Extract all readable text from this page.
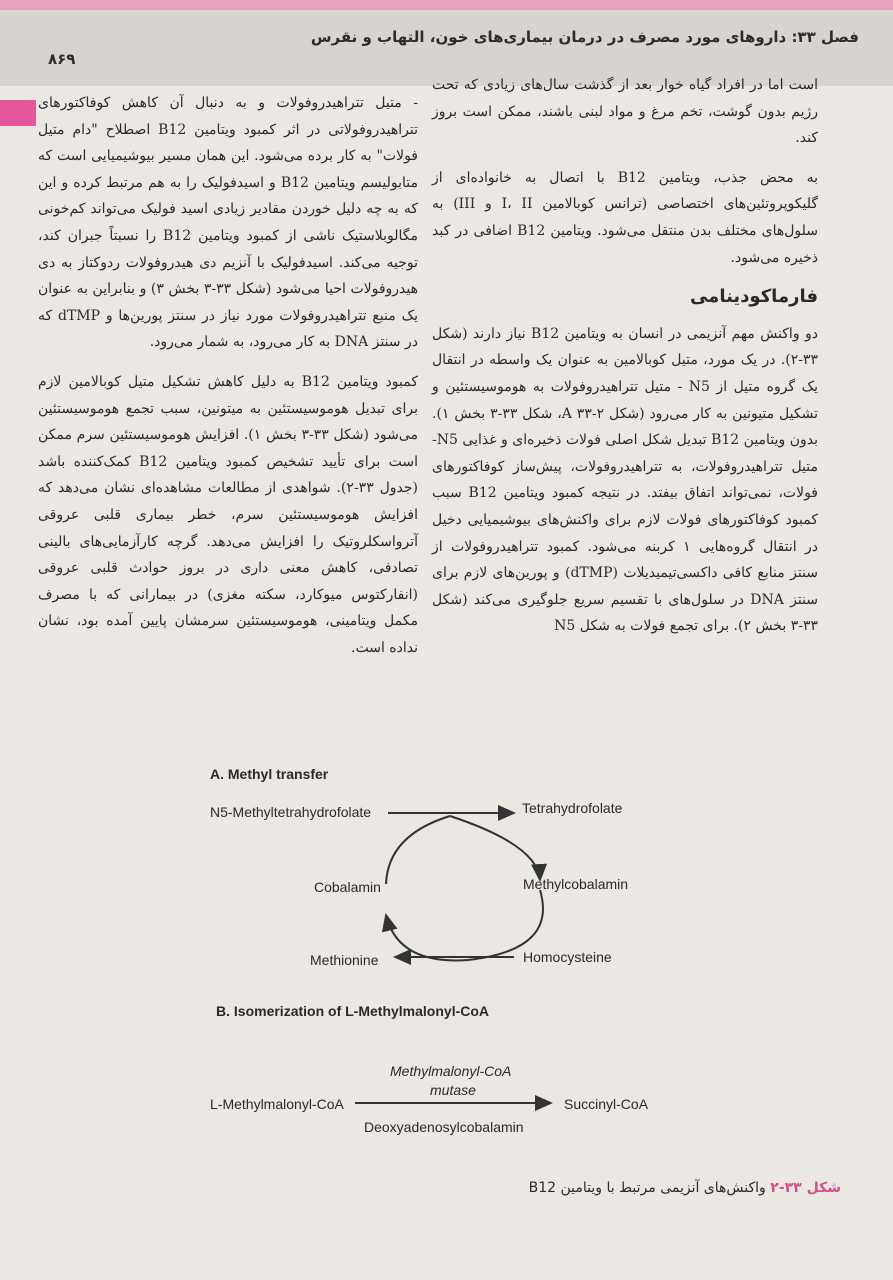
فصل ۳۳: داروهای مورد مصرف در درمان بیماری‌های خون، التهاب و نقرس
۸۶۹

است اما در افراد گیاه خوار بعد از گذشت سال‌های زیادی که تحت رژیم بدون گوشت، تخم مرغ و مواد لبنی باشند، ممکن است بروز کند.

به محض جذب، ویتامین B12 با اتصال به خانواده‌ای از گلیکوپروتئین‌های اختصاصی (ترانس کوبالامین I، II و III) به سلول‌های مختلف بدن منتقل می‌شود. ویتامین B12 اضافی در کبد ذخیره می‌شود.

فارماکودینامی

دو واکنش مهم آنزیمی در انسان به ویتامین B12 نیاز دارند (شکل ۳۳-۲). در یک مورد، متیل کوبالامین به عنوان یک واسطه در انتقال یک گروه متیل از N5 - متیل تتراهیدروفولات به هوموسیستئین و تشکیل متیونین به کار می‌رود (شکل A ۳۳-۲، شکل ۳۳-۳ بخش ۱). بدون ویتامین B12 تبدیل شکل اصلی فولات ذخیره‌ای و غذایی N5- متیل تتراهیدروفولات، به تتراهیدروفولات، پیش‌ساز کوفاکتورهای فولات، نمی‌تواند اتفاق بیفتد. در نتیجه کمبود ویتامین B12 سبب کمبود کوفاکتورهای فولات لازم برای واکنش‌های بیوشیمیایی دخیل در انتقال گروه‌هایی ۱ کربنه می‌شود. کمبود تتراهیدروفولات از سنتز منابع کافی داکسی‌تیمیدیلات (dTMP) و پورین‌های لازم برای سنتز DNA در سلول‌های با تقسیم سریع جلوگیری می‌کند (شکل ۳۳-۳ بخش ۲). برای تجمع فولات به شکل N5

- متیل تتراهیدروفولات و به دنبال آن کاهش کوفاکتورهای تتراهیدروفولاتی در اثر کمبود ویتامین B12 اصطلاح "دام متیل فولات" به کار برده می‌شود. این همان مسیر بیوشیمیایی است که متابولیسم ویتامین B12 و اسیدفولیک را به هم مرتبط کرده و این که به چه دلیل خوردن مقادیر زیادی اسید فولیک می‌تواند کم‌خونی مگالوبلاستیک ناشی از کمبود ویتامین B12 را نسبتاً جبران کند، توجیه می‌کند. اسیدفولیک با آنزیم دی هیدروفولات ردوکتاز به دی هیدروفولات احیا می‌شود (شکل ۳۳-۳ بخش ۳) و بنابراین به عنوان یک منبع تتراهیدروفولات مورد نیاز در سنتز پورین‌ها و dTMP که در سنتز DNA به کار می‌رود، به شمار می‌رود.

کمبود ویتامین B12 به دلیل کاهش تشکیل متیل کوبالامین لازم برای تبدیل هوموسیستئین به میتونین، سبب تجمع هوموسیستئین می‌شود (شکل ۳۳-۳ بخش ۱). افزایش هوموسیستئین سرم ممکن است برای تأیید تشخیص کمبود ویتامین B12 کمک‌کننده باشد (جدول ۳۳-۲). شواهدی از مطالعات مشاهده‌ای نشان می‌دهد که افزایش هوموسیستئین سرم، خطر بیماری قلبی عروقی آترواسکلروتیک را افزایش می‌دهد. گرچه کارآزمایی‌های بالینی تصادفی، کاهش معنی داری در بروز حوادث قلبی عروقی (انفارکتوس میوکارد، سکته مغزی) در بیمارانی که با مصرف مکمل ویتامینی، هوموسیستئین سرمشان پایین آمده بود، نشان نداده است.

A. Methyl transfer
N5-Methyltetrahydrofolate	Tetrahydrofolate
Methylcobalamin
Cobalamin
Homocysteine
Methionine
B. Isomerization of L-Methylmalonyl-CoA
Methylmalonyl-CoA
mutase
L-Methylmalonyl-CoA	Succinyl-CoA
Deoxyadenosylcobalamin
شکل ۳۳-۲ واکنش‌های آنزیمی مرتبط با ویتامین B12
